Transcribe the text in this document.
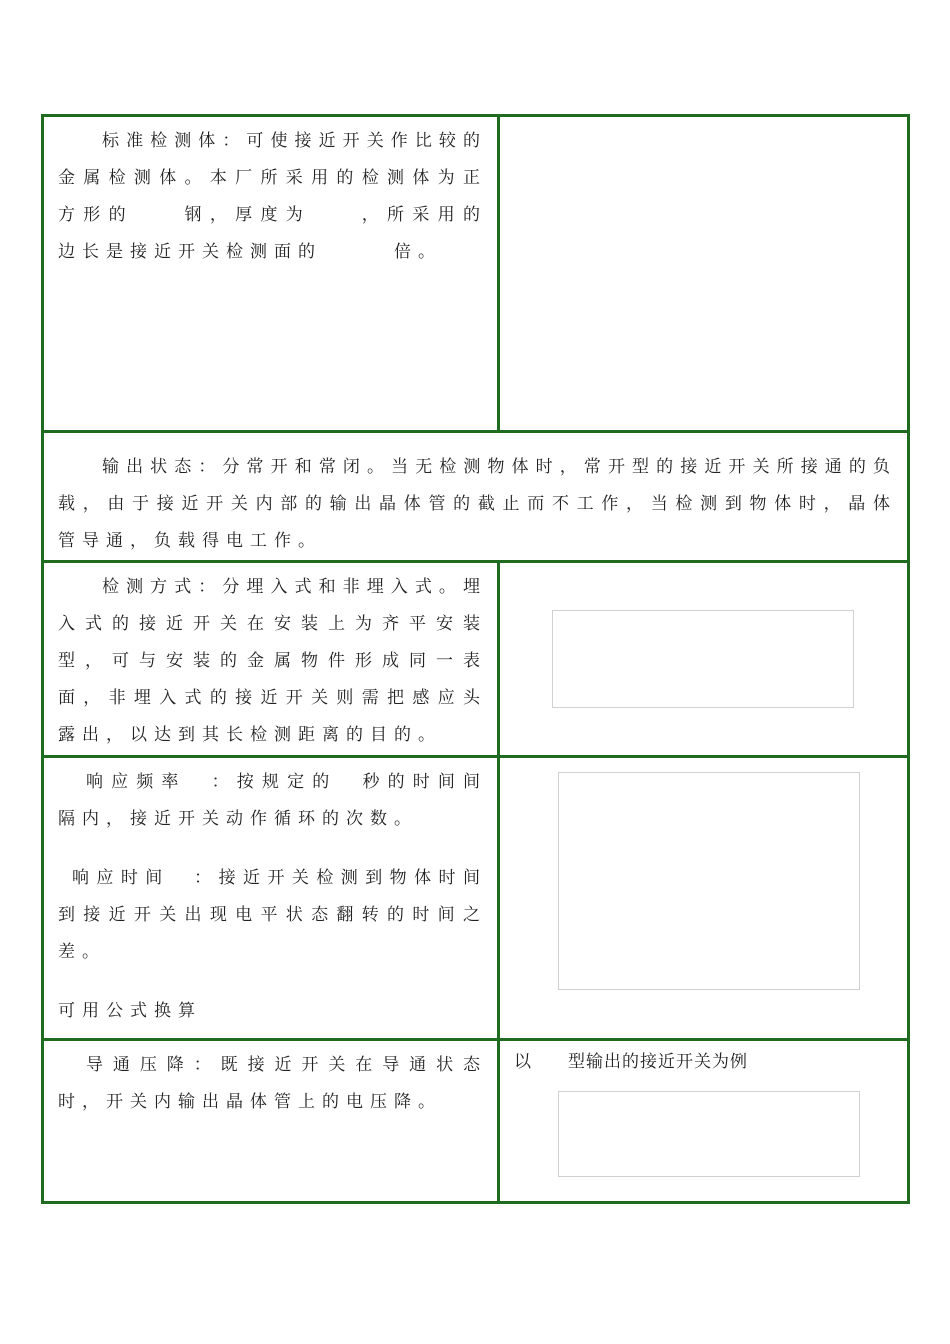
标准检测体：可使接近开关作比较的金属检测体。本厂所采用的检测体为正方形的　　钢，厚度为　　，所采用的边长是接近开关检测面的　　　倍。	

输出状态：分常开和常闭。当无检测物体时，常开型的接近开关所接通的负载，由于接近开关内部的输出晶体管的截止而不工作，当检测到物体时，晶体管导通，负载得电工作。	

检测方式：分埋入式和非埋入式。埋入式的接近开关在安装上为齐平安装型，可与安装的金属物件形成同一表面，非埋入式的接近开关则需把感应头露出，以达到其长检测距离的目的。	

响应频率　：按规定的　秒的时间间隔内，接近开关动作循环的次数。
响应时间　：接近开关检测到物体时间到接近开关出现电平状态翻转的时间之差。
可用公式换算	

导通压降：既接近开关在导通状态时，开关内输出晶体管上的电压降。	以　　型输出的接近开关为例
